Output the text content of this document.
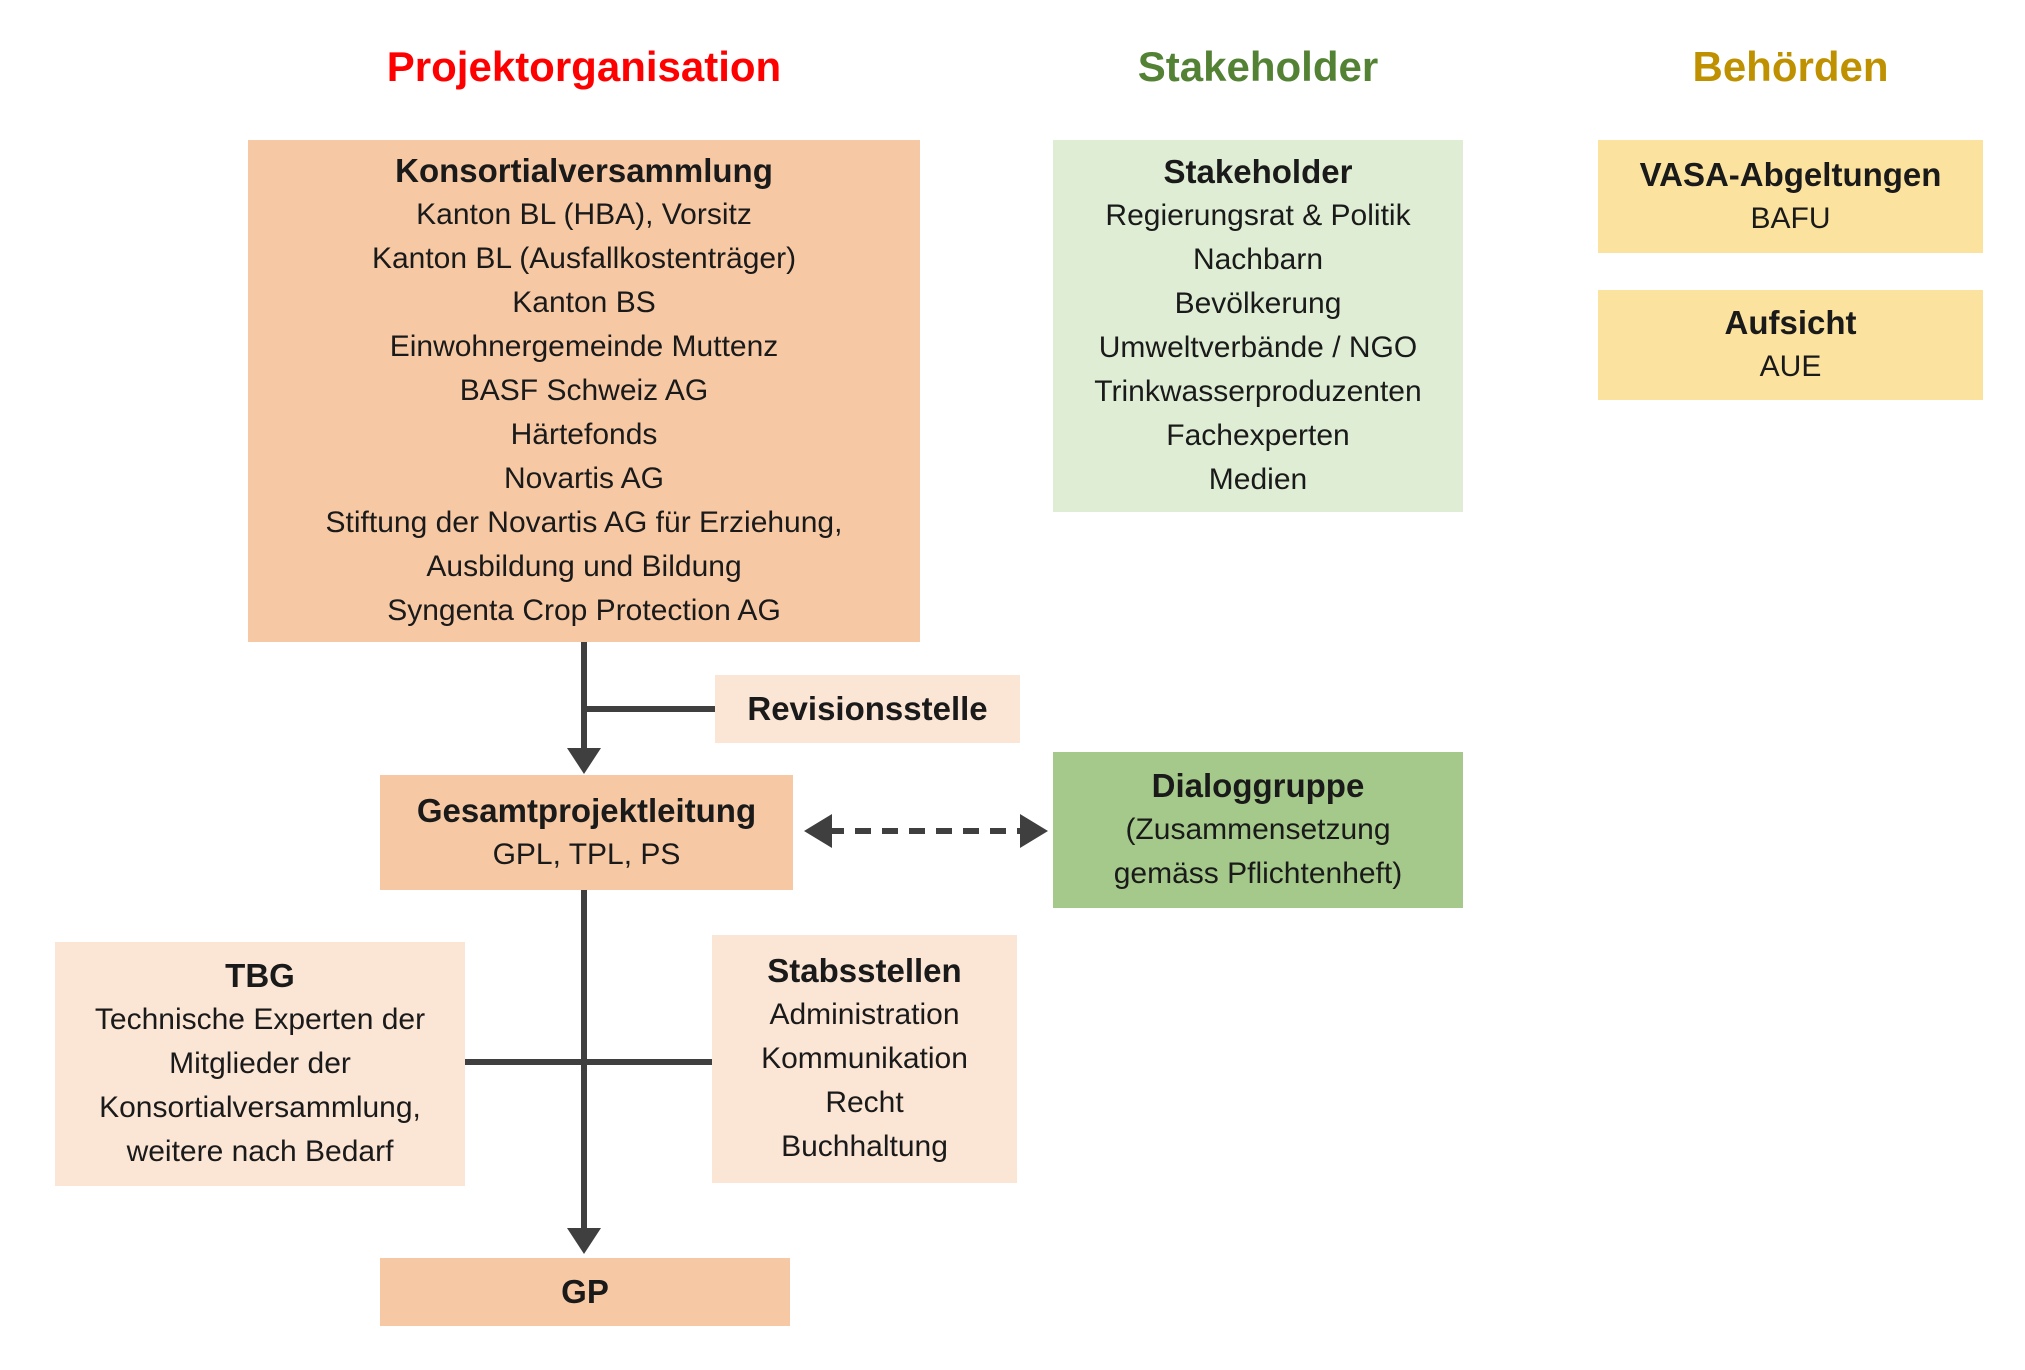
Projektorganisation	Stakeholder	Behörden
Konsortialversammlung
Kanton BL (HBA), Vorsitz
Kanton BL (Ausfallkostenträger)
Kanton BS
Einwohnergemeinde Muttenz
BASF Schweiz AG
Härtefonds
Novartis AG
Stiftung der Novartis AG für Erziehung,
Ausbildung und Bildung
Syngenta Crop Protection AG
Stakeholder
Regierungsrat & Politik
Nachbarn
Bevölkerung
Umweltverbände / NGO
Trinkwasserproduzenten
Fachexperten
Medien
VASA-Abgeltungen
BAFU
Aufsicht
AUE
Revisionsstelle
Gesamtprojektleitung
GPL, TPL, PS
Dialoggruppe
(Zusammensetzung
gemäss Pflichtenheft)
TBG
Technische Experten der
Mitglieder der
Konsortialversammlung,
weitere nach Bedarf
Stabsstellen
Administration
Kommunikation
Recht
Buchhaltung
GP
